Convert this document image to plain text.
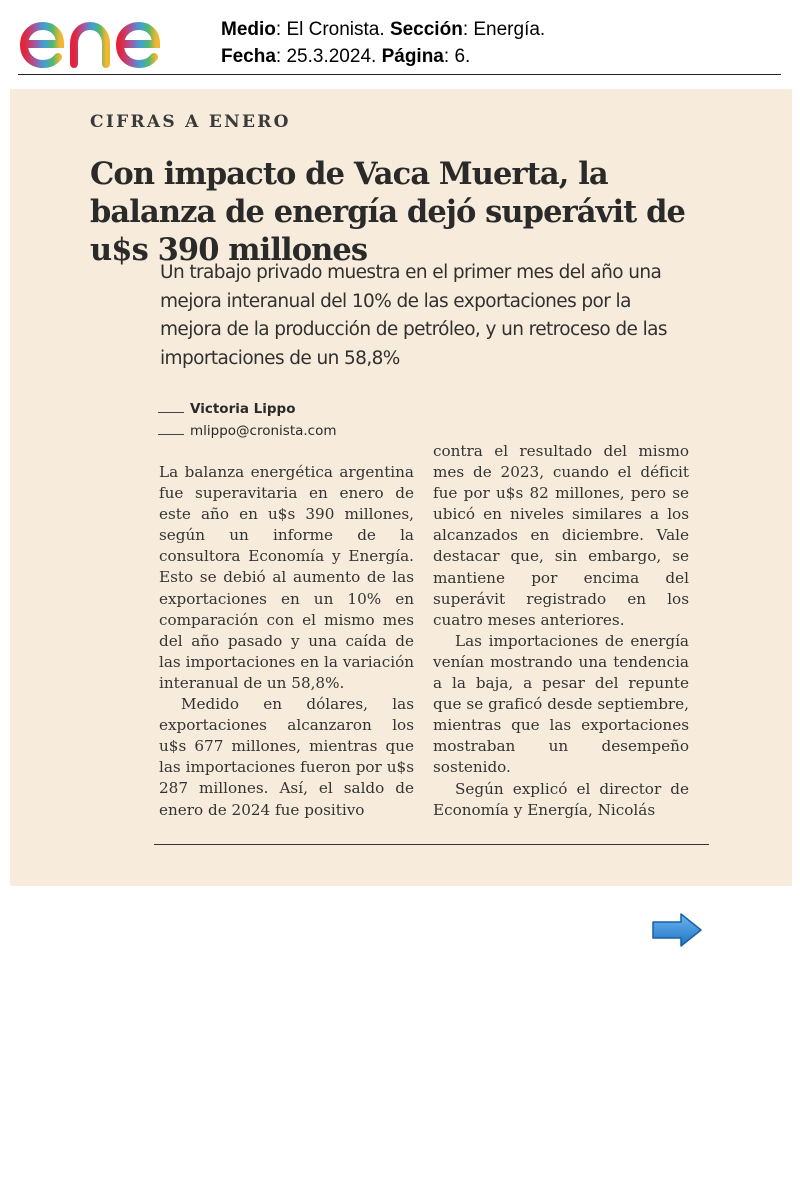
Medio: El Cronista. Sección: Energía.
Fecha: 25.3.2024. Página: 6.
CIFRAS A ENERO
Con impacto de Vaca Muerta, la balanza de energía dejó superávit de u$s 390 millones

Un trabajo privado muestra en el primer mes del año una mejora interanual del 10% de las exportaciones por la mejora de la producción de petróleo, y un retroceso de las importaciones de un 58,8%

Victoria Lippo
mlippo@cronista.com

La balanza energética argentina fue superavitaria en enero de este año en u$s 390 millones, según un informe de la consultora Economía y Energía. Esto se debió al aumento de las exportaciones en un 10% en comparación con el mismo mes del año pasado y una caída de las importaciones en la variación interanual de un 58,8%.

Medido en dólares, las exportaciones alcanzaron los u$s 677 millones, mientras que las importaciones fueron por u$s 287 millones. Así, el saldo de enero de 2024 fue positivo

contra el resultado del mismo mes de 2023, cuando el déficit fue por u$s 82 millones, pero se ubicó en niveles similares a los alcanzados en diciembre. Vale destacar que, sin embargo, se mantiene por encima del superávit registrado en los cuatro meses anteriores.

Las importaciones de energía venían mostrando una tendencia a la baja, a pesar del repunte que se graficó desde septiembre, mientras que las exportaciones mostraban un desempeño sostenido.

Según explicó el director de Economía y Energía, Nicolás
